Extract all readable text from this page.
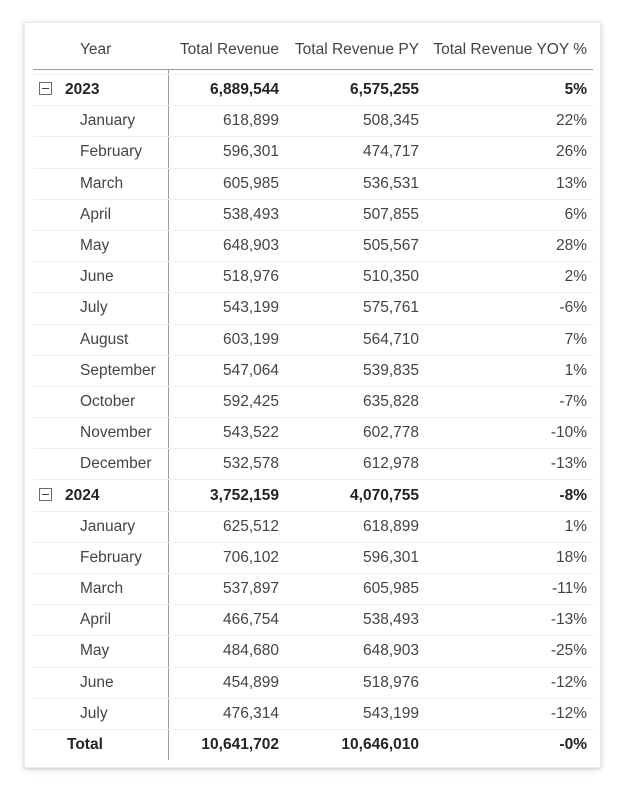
Year	Total Revenue	Total Revenue PY	Total Revenue YOY %

2023	6,889,544	6,575,255	5%
January	618,899	508,345	22%
February	596,301	474,717	26%
March	605,985	536,531	13%
April	538,493	507,855	6%
May	648,903	505,567	28%
June	518,976	510,350	2%
July	543,199	575,761	-6%
August	603,199	564,710	7%
September	547,064	539,835	1%
October	592,425	635,828	-7%
November	543,522	602,778	-10%
December	532,578	612,978	-13%
2024	3,752,159	4,070,755	-8%
January	625,512	618,899	1%
February	706,102	596,301	18%
March	537,897	605,985	-11%
April	466,754	538,493	-13%
May	484,680	648,903	-25%
June	454,899	518,976	-12%
July	476,314	543,199	-12%
Total	10,641,702	10,646,010	-0%
